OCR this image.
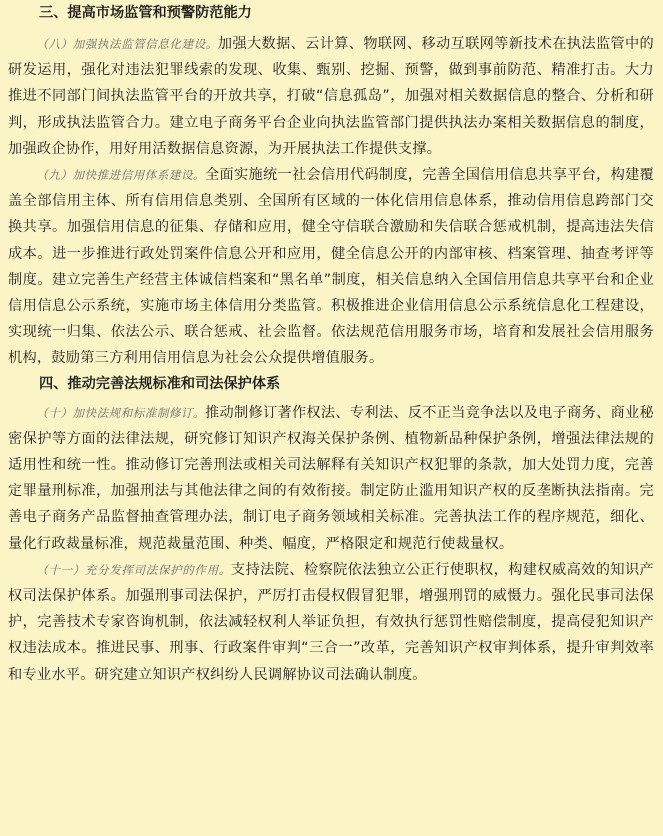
三、提高市场监管和预警防范能力

（八）加强执法监管信息化建设。加强大数据、云计算、物联网、移动互联网等新技术在执法监管中的研发运用，强化对违法犯罪线索的发现、收集、甄别、挖掘、预警，做到事前防范、精准打击。大力推进不同部门间执法监管平台的开放共享，打破“信息孤岛”，加强对相关数据信息的整合、分析和研判，形成执法监管合力。建立电子商务平台企业向执法监管部门提供执法办案相关数据信息的制度，加强政企协作，用好用活数据信息资源，为开展执法工作提供支撑。

（九）加快推进信用体系建设。全面实施统一社会信用代码制度，完善全国信用信息共享平台，构建覆盖全部信用主体、所有信用信息类别、全国所有区域的一体化信用信息体系，推动信用信息跨部门交换共享。加强信用信息的征集、存储和应用，健全守信联合激励和失信联合惩戒机制，提高违法失信成本。进一步推进行政处罚案件信息公开和应用，健全信息公开的内部审核、档案管理、抽查考评等制度。建立完善生产经营主体诚信档案和“黑名单”制度，相关信息纳入全国信用信息共享平台和企业信用信息公示系统，实施市场主体信用分类监管。积极推进企业信用信息公示系统信息化工程建设，实现统一归集、依法公示、联合惩戒、社会监督。依法规范信用服务市场，培育和发展社会信用服务机构，鼓励第三方利用信用信息为社会公众提供增值服务。

四、推动完善法规标准和司法保护体系

（十）加快法规和标准制修订。推动制修订著作权法、专利法、反不正当竞争法以及电子商务、商业秘密保护等方面的法律法规，研究修订知识产权海关保护条例、植物新品种保护条例，增强法律法规的适用性和统一性。推动修订完善刑法或相关司法解释有关知识产权犯罪的条款，加大处罚力度，完善定罪量刑标准，加强刑法与其他法律之间的有效衔接。制定防止滥用知识产权的反垄断执法指南。完善电子商务产品监督抽查管理办法，制订电子商务领域相关标准。完善执法工作的程序规范，细化、量化行政裁量标准，规范裁量范围、种类、幅度，严格限定和规范行使裁量权。

（十一）充分发挥司法保护的作用。支持法院、检察院依法独立公正行使职权，构建权威高效的知识产权司法保护体系。加强刑事司法保护，严厉打击侵权假冒犯罪，增强刑罚的威慑力。强化民事司法保护，完善技术专家咨询机制，依法减轻权利人举证负担，有效执行惩罚性赔偿制度，提高侵犯知识产权违法成本。推进民事、刑事、行政案件审判“三合一”改革，完善知识产权审判体系，提升审判效率和专业水平。研究建立知识产权纠纷人民调解协议司法确认制度。
